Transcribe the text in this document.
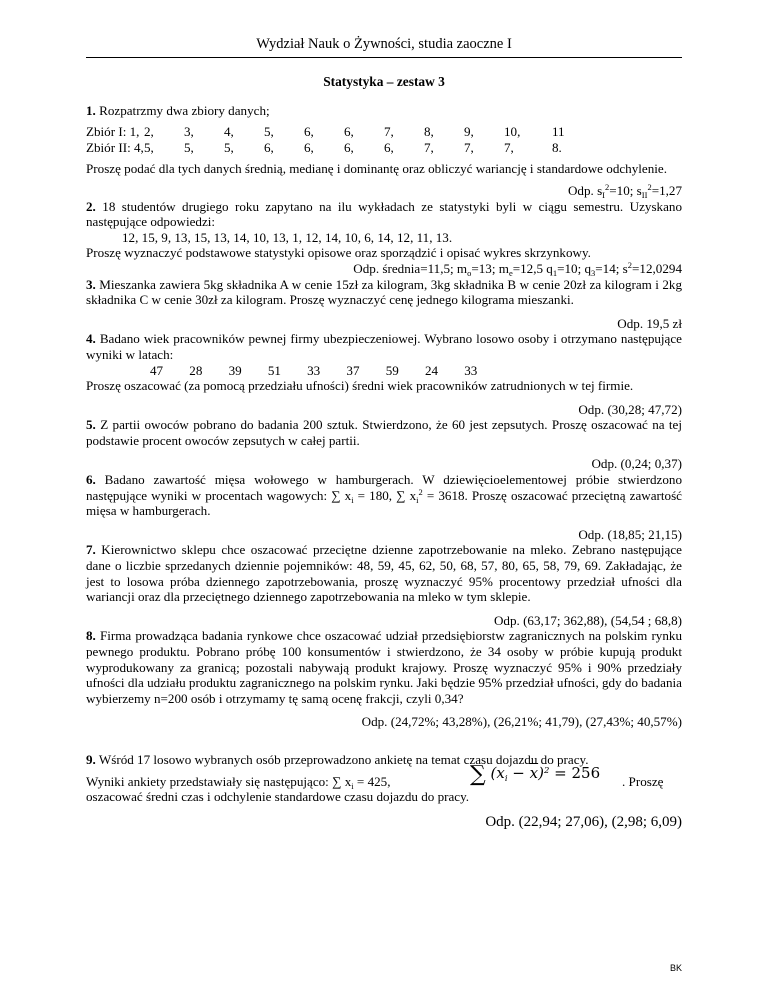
Wydział Nauk o Żywności, studia zaoczne I
Statystyka – zestaw 3

1. Rozpatrzmy dwa zbiory danych;

Zbiór I: 1,	2,	3,	4,	5,	6,	6,	7,	8,	9,	10,	11
Zbiór II: 4,	5,	5,	5,	6,	6,	6,	6,	7,	7,	7,	8.

Proszę podać dla tych danych średnią, medianę i dominantę oraz obliczyć wariancję i standardowe odchylenie.

Odp. $s_I^2=10$; $s_{II}^2=1,27$

2. 18 studentów drugiego roku zapytano na ilu wykładach ze statystyki byli w ciągu semestru. Uzyskano następujące odpowiedzi:

12, 15, 9, 13, 15, 13, 14, 10, 13, 1, 12, 14, 10, 6, 14, 12, 11, 13.

Proszę wyznaczyć podstawowe statystyki opisowe oraz sporządzić i opisać wykres skrzynkowy.

Odp. średnia=11,5; $m_o=13$; $m_e=12,5$ $q_1=10$; $q_3=14$; $s^2=12,0294$

3. Mieszanka zawiera 5kg składnika A w cenie 15zł za kilogram, 3kg składnika B w cenie 20zł za kilogram i 2kg składnika C w cenie 30zł za kilogram. Proszę wyznaczyć cenę jednego kilograma mieszanki.

Odp. 19,5 zł

4. Badano wiek pracowników pewnej firmy ubezpieczeniowej. Wybrano losowo osoby i otrzymano następujące wyniki w latach:

47        28        39        51        33        37        59        24        33

Proszę oszacować (za pomocą przedziału ufności) średni wiek pracowników zatrudnionych w tej firmie.

Odp. (30,28; 47,72)

5. Z partii owoców pobrano do badania 200 sztuk. Stwierdzono, że 60 jest zepsutych. Proszę oszacować na tej podstawie procent owoców zepsutych w całej partii.

Odp. (0,24; 0,37)

6. Badano zawartość mięsa wołowego w hamburgerach. W dziewięcioelementowej próbie stwierdzono następujące wyniki w procentach wagowych: ∑ $x_i = 180$, ∑ $x_i^2 = 3618$. Proszę oszacować przeciętną zawartość mięsa w hamburgerach.

Odp. (18,85; 21,15)

7. Kierownictwo sklepu chce oszacować przeciętne dzienne zapotrzebowanie na mleko. Zebrano następujące dane o liczbie sprzedanych dziennie pojemników: 48, 59, 45, 62, 50, 68, 57, 80, 65, 58, 79, 69. Zakładając, że jest to losowa próba dziennego zapotrzebowania, proszę wyznaczyć 95% procentowy przedział ufności dla wariancji oraz dla przeciętnego dziennego zapotrzebowania na mleko w tym sklepie.

Odp. (63,17; 362,88), (54,54 ; 68,8)

8. Firma prowadząca badania rynkowe chce oszacować udział przedsiębiorstw zagranicznych na polskim rynku pewnego produktu. Pobrano próbę 100 konsumentów i stwierdzono, że 34 osoby w próbie kupują produkt wyprodukowany za granicą; pozostali nabywają produkt krajowy. Proszę wyznaczyć 95% i 90% przedziały ufności dla udziału produktu zagranicznego na polskim rynku. Jaki będzie 95% przedział ufności, gdy do badania wybierzemy n=200 osób i otrzymamy tę samą ocenę frakcji, czyli 0,34?

Odp. (24,72%; 43,28%), (26,21%; 41,79), (27,43%; 40,57%)

9. Wśród 17 losowo wybranych osób przeprowadzono ankietę na temat czasu dojazdu do pracy.

Wyniki ankiety przedstawiały się następująco: ∑ $x_i = 425$,	∑ $(x_i - \overline{x})^2 = 256$ . Proszę

oszacować średni czas i odchylenie standardowe czasu dojazdu do pracy.

Odp. (22,94; 27,06), (2,98; 6,09)

BK
